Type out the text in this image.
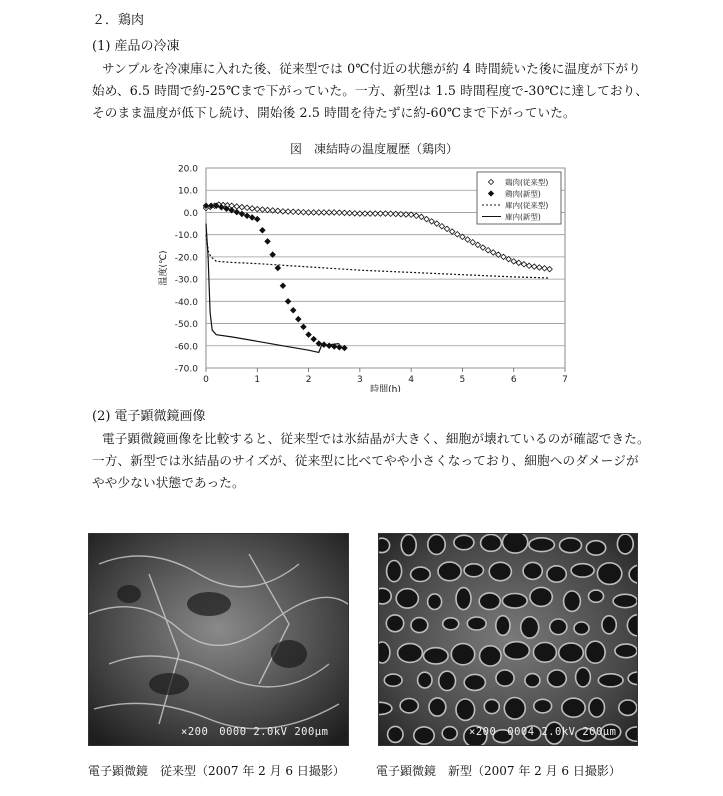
２．鶏肉
(1) 産品の冷凍
サンプルを冷凍庫に入れた後、従来型では 0℃付近の状態が約 4 時間続いた後に温度が下がり
始め、6.5 時間で約-25℃まで下がっていた。一方、新型は 1.5 時間程度で-30℃に達しており、
そのまま温度が低下し続け、開始後 2.5 時間を待たずに約-60℃まで下がっていた。
図　凍結時の温度履歴（鶏肉）
20.0
10.0
0.0
-10.0
-20.0
-30.0
-40.0
-50.0
-60.0
-70.0
0	1	2	3	4	5	6	7
時間(h)
温度(℃)
鶏肉(従来型)
鶏肉(新型)
庫内(従来型)
庫内(新型)
(2) 電子顕微鏡画像
電子顕微鏡画像を比較すると、従来型では氷結晶が大きく、細胞が壊れているのが確認できた。
一方、新型では氷結晶のサイズが、従来型に比べてやや小さくなっており、細胞へのダメージが
やや少ない状態であった。
×200　0000 2.0kV 200μm	×200　0004 2.0kV 200μm
電子顕微鏡　従来型（2007 年 2 月 6 日撮影）	電子顕微鏡　新型（2007 年 2 月 6 日撮影）
